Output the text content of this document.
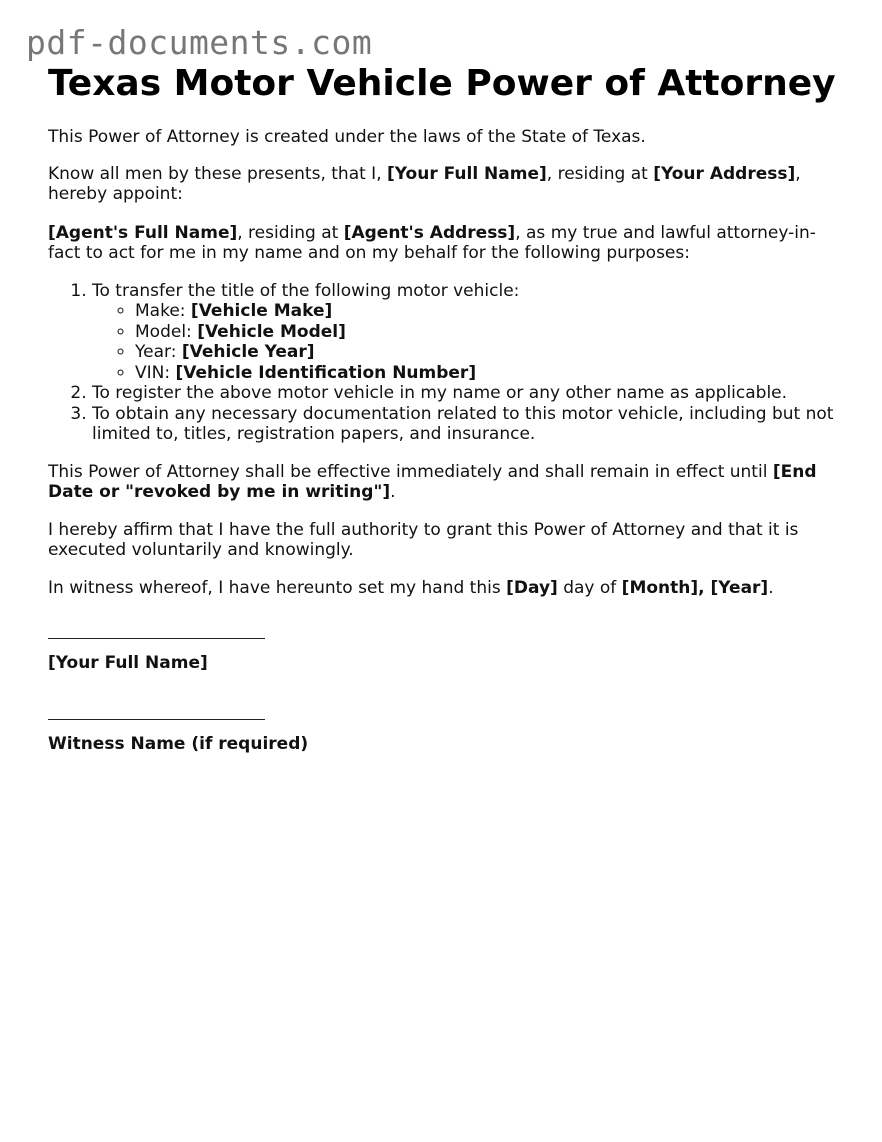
pdf-documents.com
Texas Motor Vehicle Power of Attorney

This Power of Attorney is created under the laws of the State of Texas.

Know all men by these presents, that I, [Your Full Name], residing at [Your Address], hereby appoint:

[Agent's Full Name], residing at [Agent's Address], as my true and lawful attorney-in-fact to act for me in my name and on my behalf for the following purposes:

1. To transfer the title of the following motor vehicle:
◦ Make: [Vehicle Make]
◦ Model: [Vehicle Model]
◦ Year: [Vehicle Year]
◦ VIN: [Vehicle Identification Number]
2. To register the above motor vehicle in my name or any other name as applicable.
3. To obtain any necessary documentation related to this motor vehicle, including but not limited to, titles, registration papers, and insurance.

This Power of Attorney shall be effective immediately and shall remain in effect until [End Date or "revoked by me in writing"].

I hereby affirm that I have the full authority to grant this Power of Attorney and that it is executed voluntarily and knowingly.

In witness whereof, I have hereunto set my hand this [Day] day of [Month], [Year].

[Your Full Name]
Witness Name (if required)
